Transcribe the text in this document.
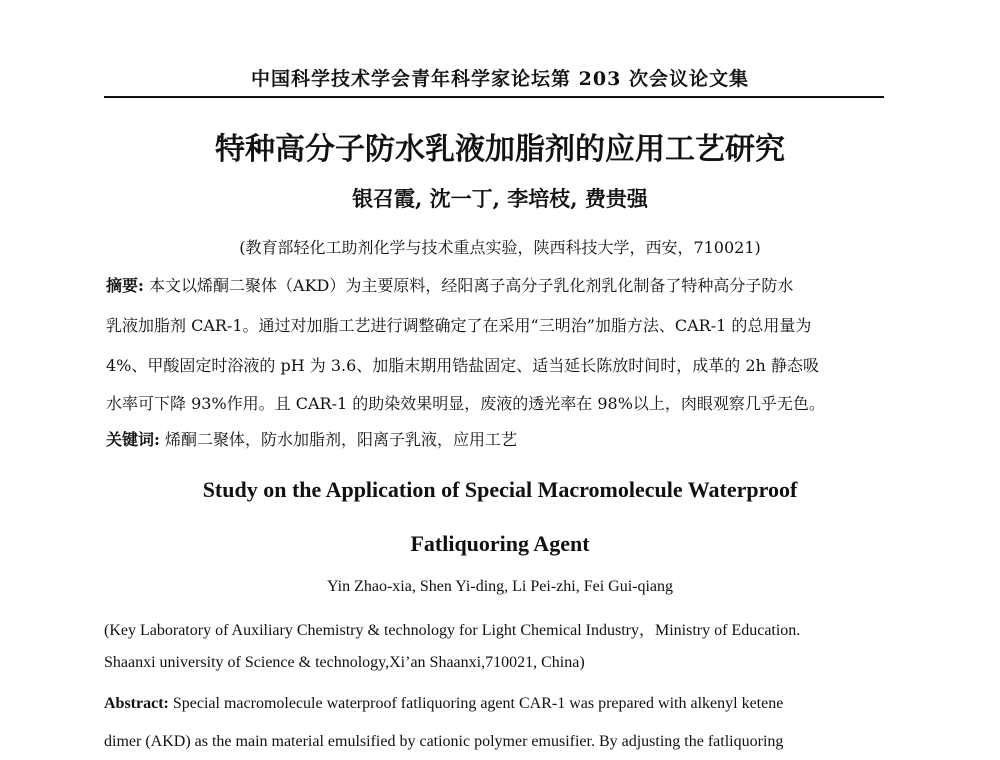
中国科学技术学会青年科学家论坛第 203 次会议论文集
特种高分子防水乳液加脂剂的应用工艺研究
银召霞, 沈一丁, 李培枝, 费贵强
(教育部轻化工助剂化学与技术重点实验，陕西科技大学，西安，710021)
摘要: 本文以烯酮二聚体（AKD）为主要原料，经阳离子高分子乳化剂乳化制备了特种高分子防水
乳液加脂剂 CAR-1。通过对加脂工艺进行调整确定了在采用“三明治”加脂方法、CAR-1 的总用量为
4%、甲酸固定时浴液的 pH 为 3.6、加脂末期用锆盐固定、适当延长陈放时间时，成革的 2h 静态吸
水率可下降 93%作用。且 CAR-1 的助染效果明显，废液的透光率在 98%以上，肉眼观察几乎无色。
关键词: 烯酮二聚体，防水加脂剂，阳离子乳液，应用工艺
Study on the Application of Special Macromolecule Waterproof
Fatliquoring Agent
Yin Zhao-xia, Shen Yi-ding, Li Pei-zhi, Fei Gui-qiang
(Key Laboratory of Auxiliary Chemistry & technology for Light Chemical Industry，Ministry of Education.
Shaanxi university of Science & technology,Xi’an Shaanxi,710021, China)
Abstract: Special macromolecule waterproof fatliquoring agent CAR-1 was prepared with alkenyl ketene
dimer (AKD) as the main material emulsified by cationic polymer emusifier. By adjusting the fatliquoring
